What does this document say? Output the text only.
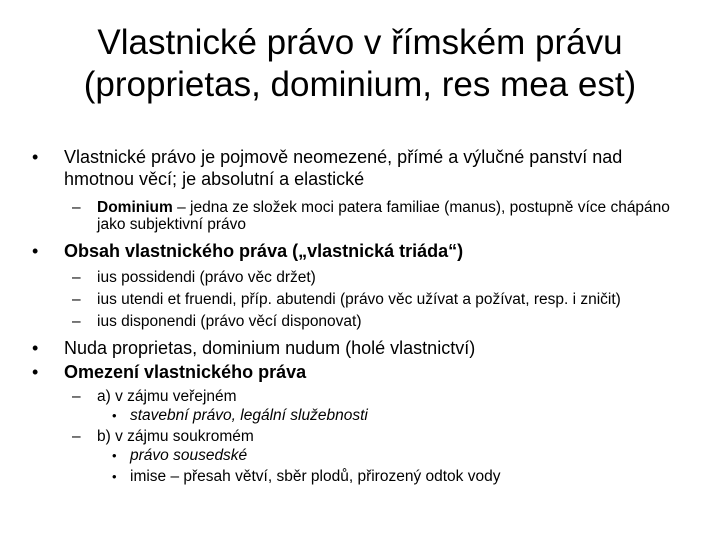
Vlastnické právo v římském právu
(proprietas, dominium, res mea est)
• Vlastnické právo je pojmově neomezené, přímé a výlučné panství nad hmotnou věcí; je absolutní a elastické
– Dominium – jedna ze složek moci patera familiae (manus), postupně více chápáno jako subjektivní právo
• Obsah vlastnického práva („vlastnická triáda“)
– ius possidendi (právo věc držet)
– ius utendi et fruendi, příp. abutendi (právo věc užívat a požívat, resp. i zničit)
– ius disponendi (právo věcí disponovat)
• Nuda proprietas, dominium nudum (holé vlastnictví)
• Omezení vlastnického práva
– a) v zájmu veřejném
• stavební právo, legální služebnosti
– b) v zájmu soukromém
• právo sousedské
• imise – přesah větví, sběr plodů, přirozený odtok vody
